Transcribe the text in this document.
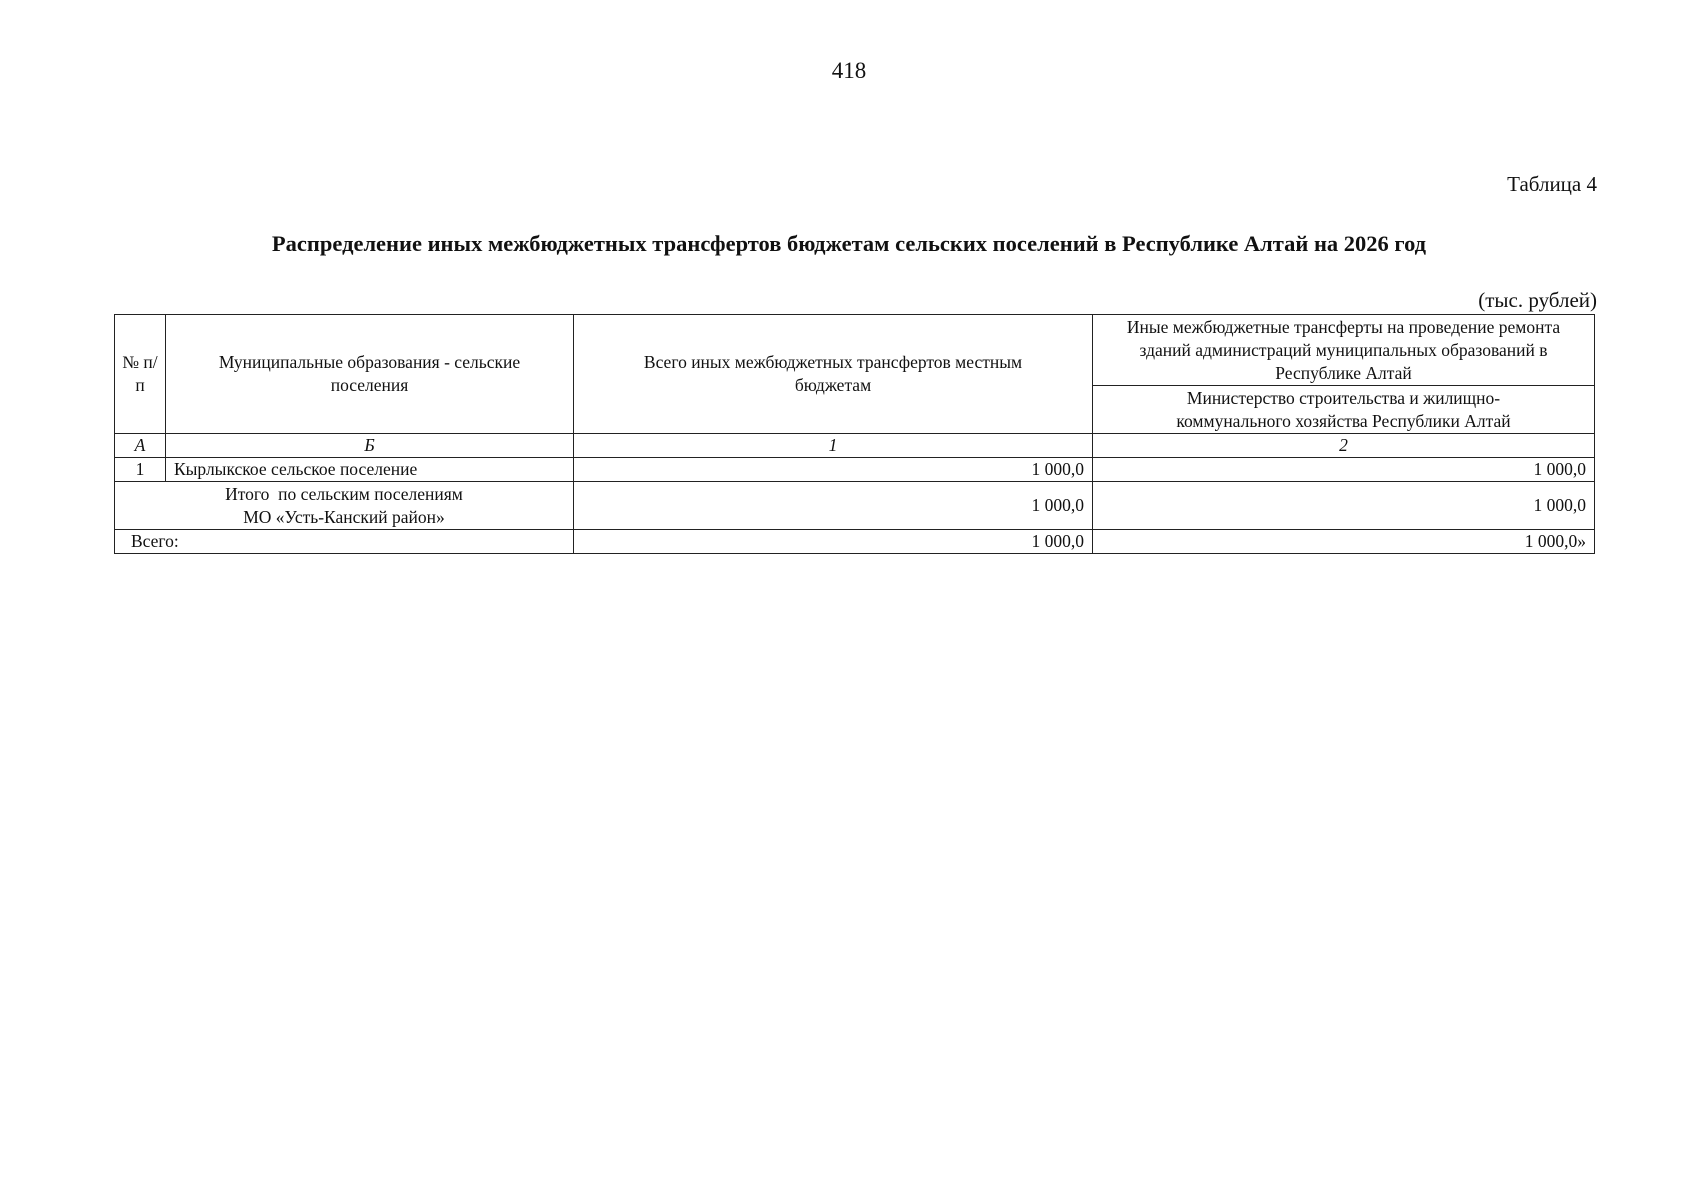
418
Таблица 4
Распределение иных межбюджетных трансфертов бюджетам сельских поселений в Республике Алтай на 2026 год
(тыс. рублей)
№ п/п	Муниципальные образования - сельские поселения	Всего иных межбюджетных трансфертов местным бюджетам	Иные межбюджетные трансферты на проведение ремонта зданий администраций муниципальных образований в Республике Алтай
			Министерство строительства и жилищно-коммунального хозяйства Республики Алтай
А	Б	1	2
1	Кырлыкское сельское поселение	1 000,0	1 000,0

Итого  по сельским поселениям
МО «Усть-Канский район»		1 000,0	1 000,0
Всего:		1 000,0	1 000,0»
